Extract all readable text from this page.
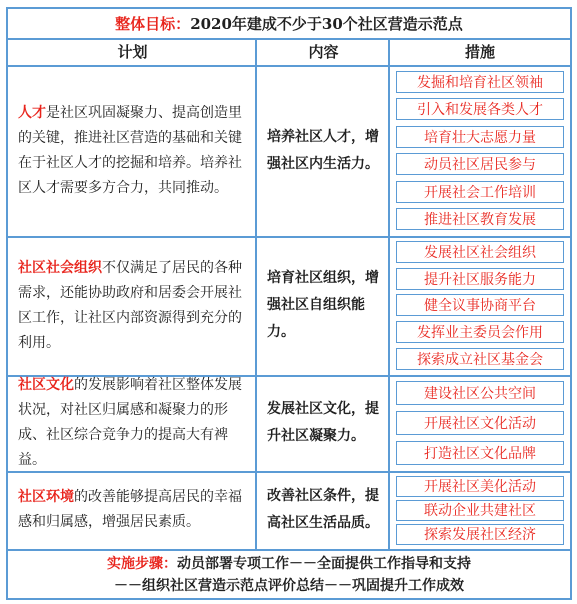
整体目标： 2020年建成不少于30个社区营造示范点
计划	内容	措施
人才是社区巩固凝聚力、提高创造里的关键，推进社区营造的基础和关键在于社区人才的挖掘和培养。培养社区人才需要多方合力，共同推动。
培养社区人才，增强社区内生活力。
发掘和培育社区领袖
引入和发展各类人才
培育壮大志愿力量
动员社区居民参与
开展社会工作培训
推进社区教育发展
社区社会组织不仅满足了居民的各种需求，还能协助政府和居委会开展社区工作，让社区内部资源得到充分的利用。
培育社区组织，增强社区自组织能力。
发展社区社会组织
提升社区服务能力
健全议事协商平台
发挥业主委员会作用
探索成立社区基金会
社区文化的发展影响着社区整体发展状况，对社区归属感和凝聚力的形成、社区综合竞争力的提高大有裨益。
发展社区文化，提升社区凝聚力。
建设社区公共空间
开展社区文化活动
打造社区文化品牌
社区环境的改善能够提高居民的幸福感和归属感，增强居民素质。
改善社区条件，提高社区生活品质。
开展社区美化活动
联动企业共建社区
探索发展社区经济
实施步骤：动员部署专项工作－－全面提供工作指导和支持
－－组织社区营造示范点评价总结－－巩固提升工作成效
